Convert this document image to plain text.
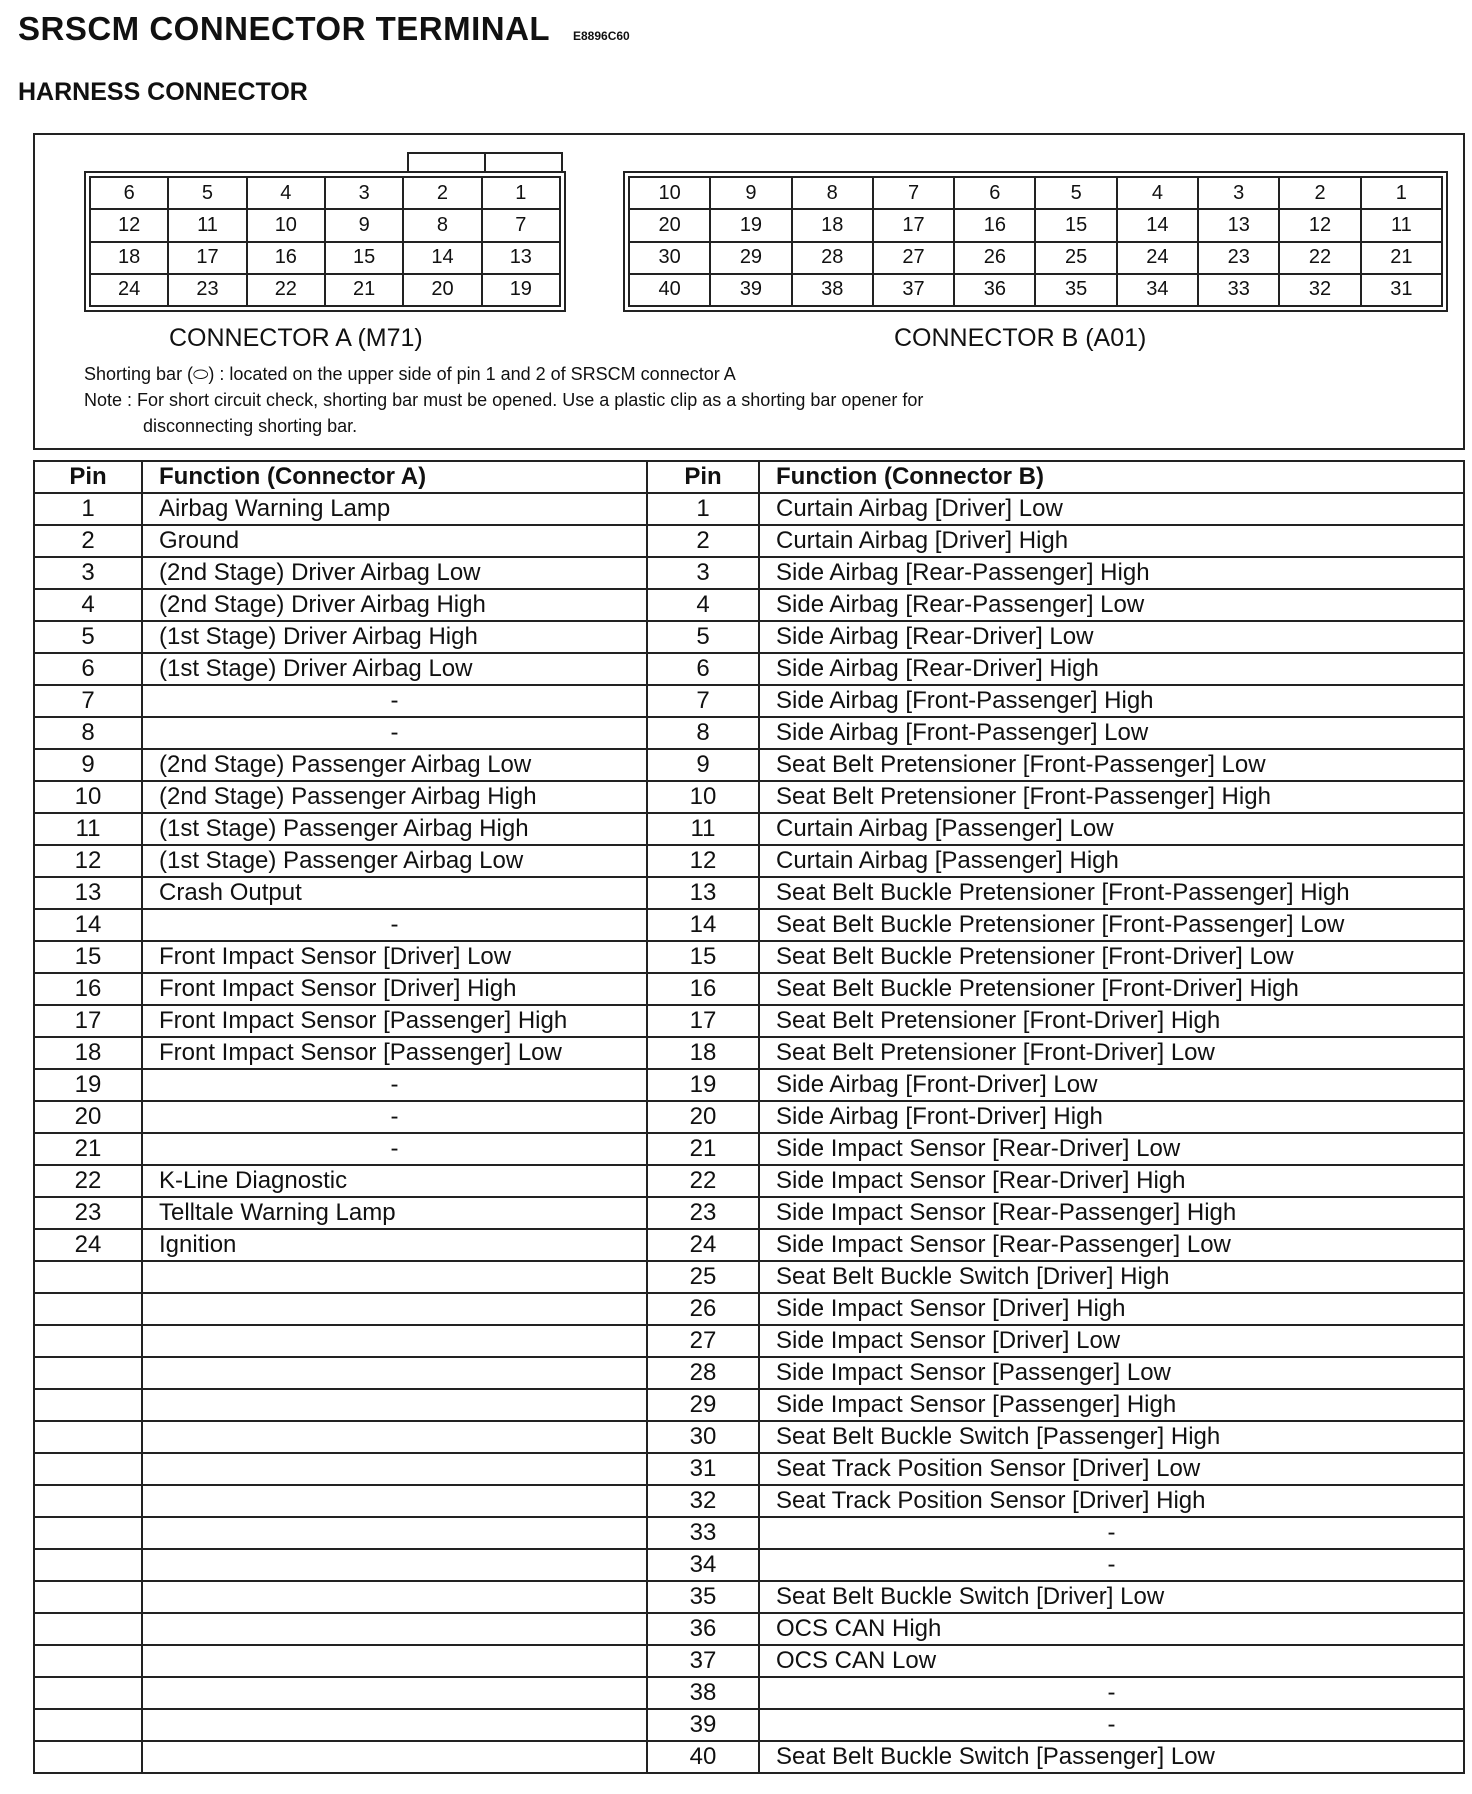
SRSCM CONNECTOR TERMINAL E8896C60
HARNESS CONNECTOR
6	5	4	3	2	1
12	11	10	9	8	7
18	17	16	15	14	13
24	23	22	21	20	19
10	9	8	7	6	5	4	3	2	1
20	19	18	17	16	15	14	13	12	11
30	29	28	27	26	25	24	23	22	21
40	39	38	37	36	35	34	33	32	31
CONNECTOR A (M71)	CONNECTOR B (A01)
Shorting bar (⬭) : located on the upper side of pin 1 and 2 of SRSCM connector A
Note : For short circuit check, shorting bar must be opened. Use a plastic clip as a shorting bar opener for
disconnecting shorting bar.
Pin	Function (Connector A)	Pin	Function (Connector B)
1	Airbag Warning Lamp	1	Curtain Airbag [Driver] Low
2	Ground	2	Curtain Airbag [Driver] High
3	(2nd Stage) Driver Airbag Low	3	Side Airbag [Rear-Passenger] High
4	(2nd Stage) Driver Airbag High	4	Side Airbag [Rear-Passenger] Low
5	(1st Stage) Driver Airbag High	5	Side Airbag [Rear-Driver] Low
6	(1st Stage) Driver Airbag Low	6	Side Airbag [Rear-Driver] High
7	-	7	Side Airbag [Front-Passenger] High
8	-	8	Side Airbag [Front-Passenger] Low
9	(2nd Stage) Passenger Airbag Low	9	Seat Belt Pretensioner [Front-Passenger] Low
10	(2nd Stage) Passenger Airbag High	10	Seat Belt Pretensioner [Front-Passenger] High
11	(1st Stage) Passenger Airbag High	11	Curtain Airbag [Passenger] Low
12	(1st Stage) Passenger Airbag Low	12	Curtain Airbag [Passenger] High
13	Crash Output	13	Seat Belt Buckle Pretensioner [Front-Passenger] High
14	-	14	Seat Belt Buckle Pretensioner [Front-Passenger] Low
15	Front Impact Sensor [Driver] Low	15	Seat Belt Buckle Pretensioner [Front-Driver] Low
16	Front Impact Sensor [Driver] High	16	Seat Belt Buckle Pretensioner [Front-Driver] High
17	Front Impact Sensor [Passenger] High	17	Seat Belt Pretensioner [Front-Driver] High
18	Front Impact Sensor [Passenger] Low	18	Seat Belt Pretensioner [Front-Driver] Low
19	-	19	Side Airbag [Front-Driver] Low
20	-	20	Side Airbag [Front-Driver] High
21	-	21	Side Impact Sensor [Rear-Driver] Low
22	K-Line Diagnostic	22	Side Impact Sensor [Rear-Driver] High
23	Telltale Warning Lamp	23	Side Impact Sensor [Rear-Passenger] High
24	Ignition	24	Side Impact Sensor [Rear-Passenger] Low
		25	Seat Belt Buckle Switch [Driver] High
		26	Side Impact Sensor [Driver] High
		27	Side Impact Sensor [Driver] Low
		28	Side Impact Sensor [Passenger] Low
		29	Side Impact Sensor [Passenger] High
		30	Seat Belt Buckle Switch [Passenger] High
		31	Seat Track Position Sensor [Driver] Low
		32	Seat Track Position Sensor [Driver] High
		33	-
		34	-
		35	Seat Belt Buckle Switch [Driver] Low
		36	OCS CAN High
		37	OCS CAN Low
		38	-
		39	-
		40	Seat Belt Buckle Switch [Passenger] Low
